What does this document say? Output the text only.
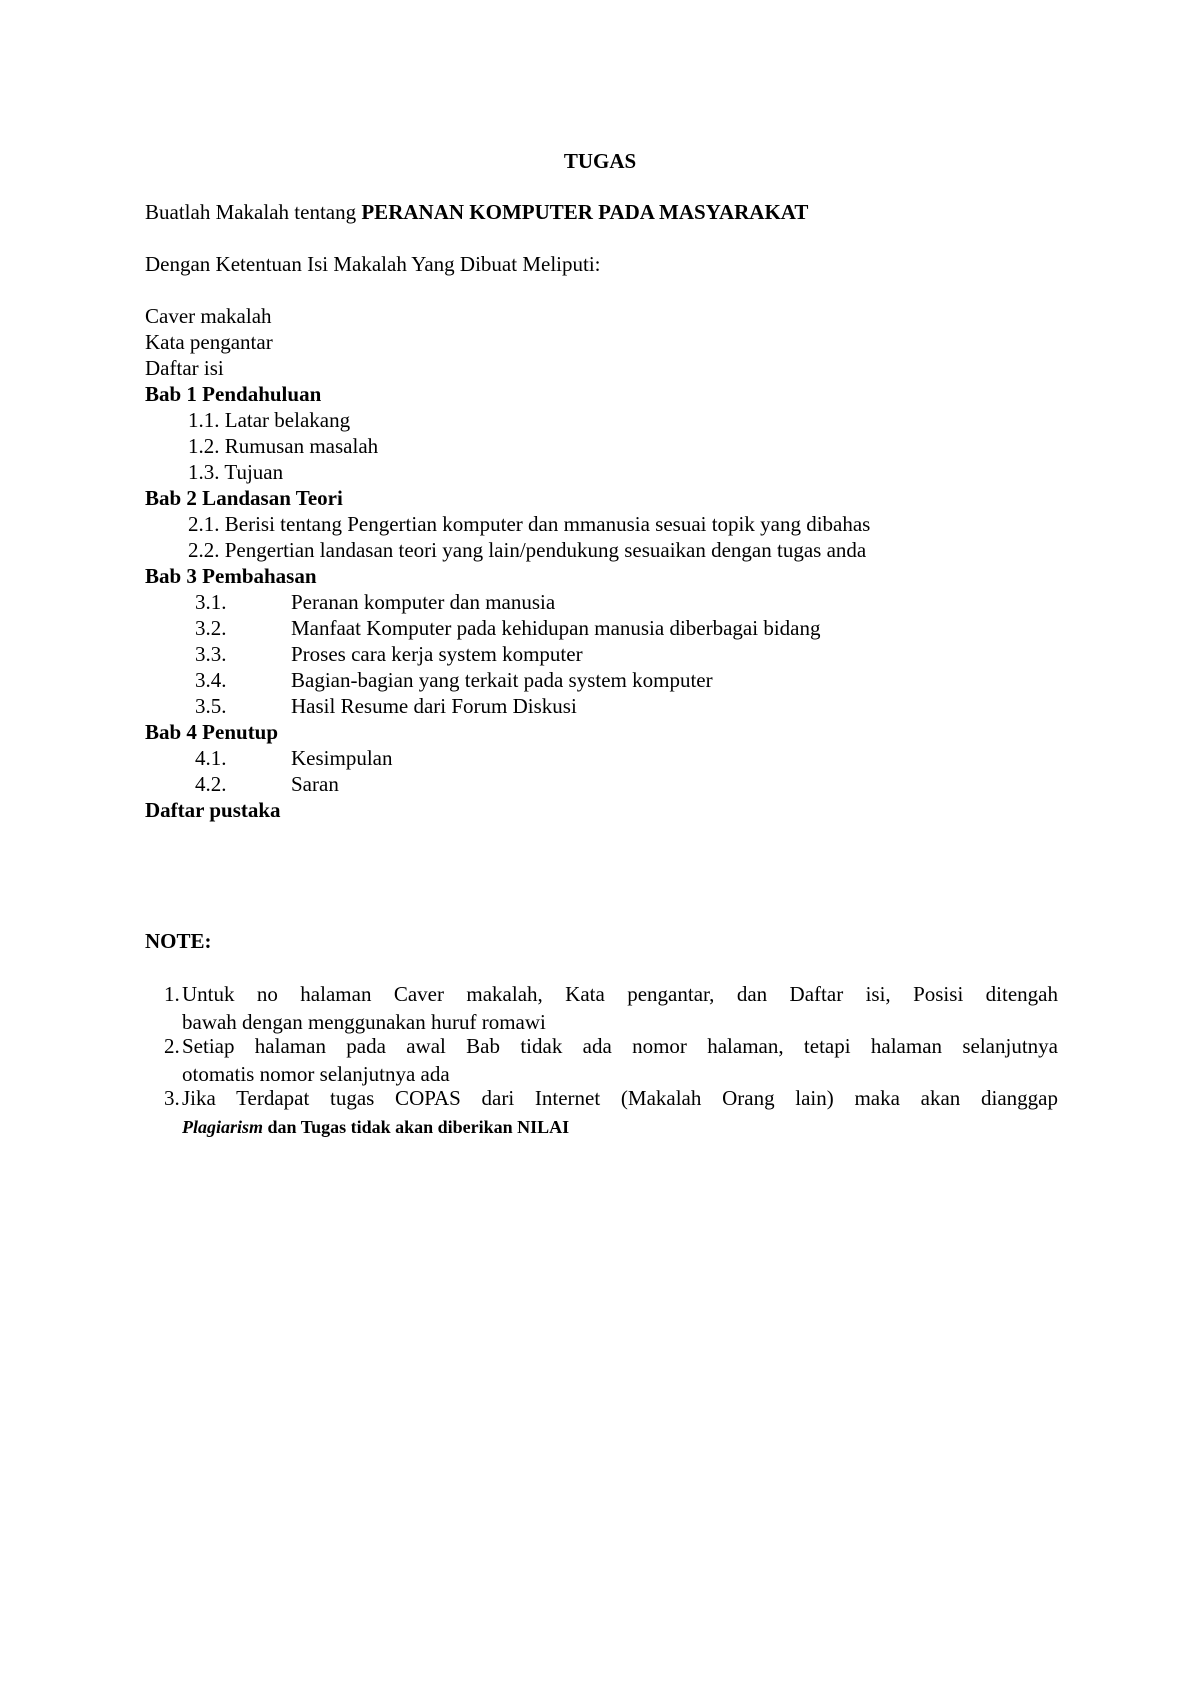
TUGAS

Buatlah Makalah tentang PERANAN KOMPUTER PADA MASYARAKAT

Dengan Ketentuan Isi Makalah Yang Dibuat Meliputi:

Caver makalah

Kata pengantar

Daftar isi

Bab 1 Pendahuluan

1.1. Latar belakang

1.2. Rumusan masalah

1.3. Tujuan

Bab 2 Landasan Teori

2.1. Berisi tentang Pengertian komputer dan mmanusia sesuai topik yang dibahas

2.2. Pengertian landasan teori yang lain/pendukung sesuaikan dengan tugas anda

Bab 3 Pembahasan

3.1.	Peranan komputer dan manusia

3.2.	Manfaat Komputer pada kehidupan manusia diberbagai bidang

3.3.	Proses cara kerja system komputer

3.4.	Bagian-bagian yang terkait pada system komputer

3.5.	Hasil Resume dari Forum Diskusi

Bab 4 Penutup

4.1.	Kesimpulan

4.2.	Saran

Daftar pustaka

NOTE:

1. Untuk no halaman Caver makalah, Kata pengantar, dan Daftar isi, Posisi ditengah
bawah dengan menggunakan huruf romawi
2. Setiap halaman pada awal Bab tidak ada nomor halaman, tetapi halaman selanjutnya
otomatis nomor selanjutnya ada
3. Jika Terdapat tugas COPAS dari Internet (Makalah Orang lain) maka akan dianggap
Plagiarism dan Tugas tidak akan diberikan NILAI
